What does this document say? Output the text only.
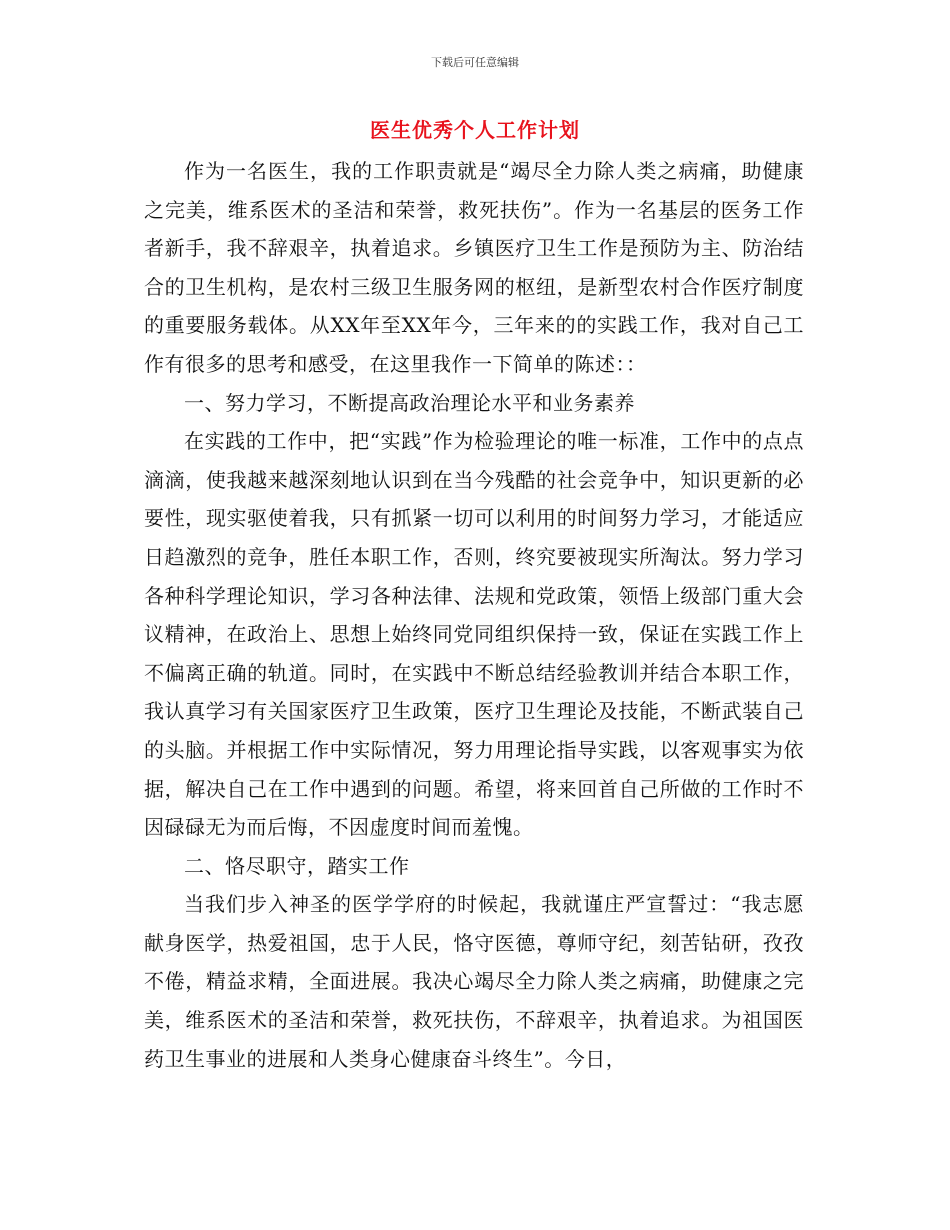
下载后可任意编辑
医生优秀个人工作计划

作为一名医生，我的工作职责就是“竭尽全力除人类之病痛，助健康之完美，维系医术的圣洁和荣誉，救死扶伤”。作为一名基层的医务工作者新手，我不辞艰辛，执着追求。乡镇医疗卫生工作是预防为主、防治结合的卫生机构，是农村三级卫生服务网的枢纽，是新型农村合作医疗制度的重要服务载体。从XX年至XX年今，三年来的的实践工作，我对自己工作有很多的思考和感受，在这里我作一下简单的陈述：：

一、努力学习，不断提高政治理论水平和业务素养

在实践的工作中，把“实践”作为检验理论的唯一标准，工作中的点点滴滴，使我越来越深刻地认识到在当今残酷的社会竞争中，知识更新的必要性，现实驱使着我，只有抓紧一切可以利用的时间努力学习，才能适应日趋激烈的竞争，胜任本职工作，否则，终究要被现实所淘汰。努力学习各种科学理论知识，学习各种法律、法规和党政策，领悟上级部门重大会议精神，在政治上、思想上始终同党同组织保持一致，保证在实践工作上不偏离正确的轨道。同时，在实践中不断总结经验教训并结合本职工作，我认真学习有关国家医疗卫生政策，医疗卫生理论及技能，不断武装自己的头脑。并根据工作中实际情况，努力用理论指导实践，以客观事实为依据，解决自己在工作中遇到的问题。希望，将来回首自己所做的工作时不因碌碌无为而后悔，不因虚度时间而羞愧。

二、恪尽职守，踏实工作

当我们步入神圣的医学学府的时候起，我就谨庄严宣誓过：“我志愿献身医学，热爱祖国，忠于人民，恪守医德，尊师守纪，刻苦钻研，孜孜不倦，精益求精，全面进展。我决心竭尽全力除人类之病痛，助健康之完美，维系医术的圣洁和荣誉，救死扶伤，不辞艰辛，执着追求。为祖国医药卫生事业的进展和人类身心健康奋斗终生”。今日，
